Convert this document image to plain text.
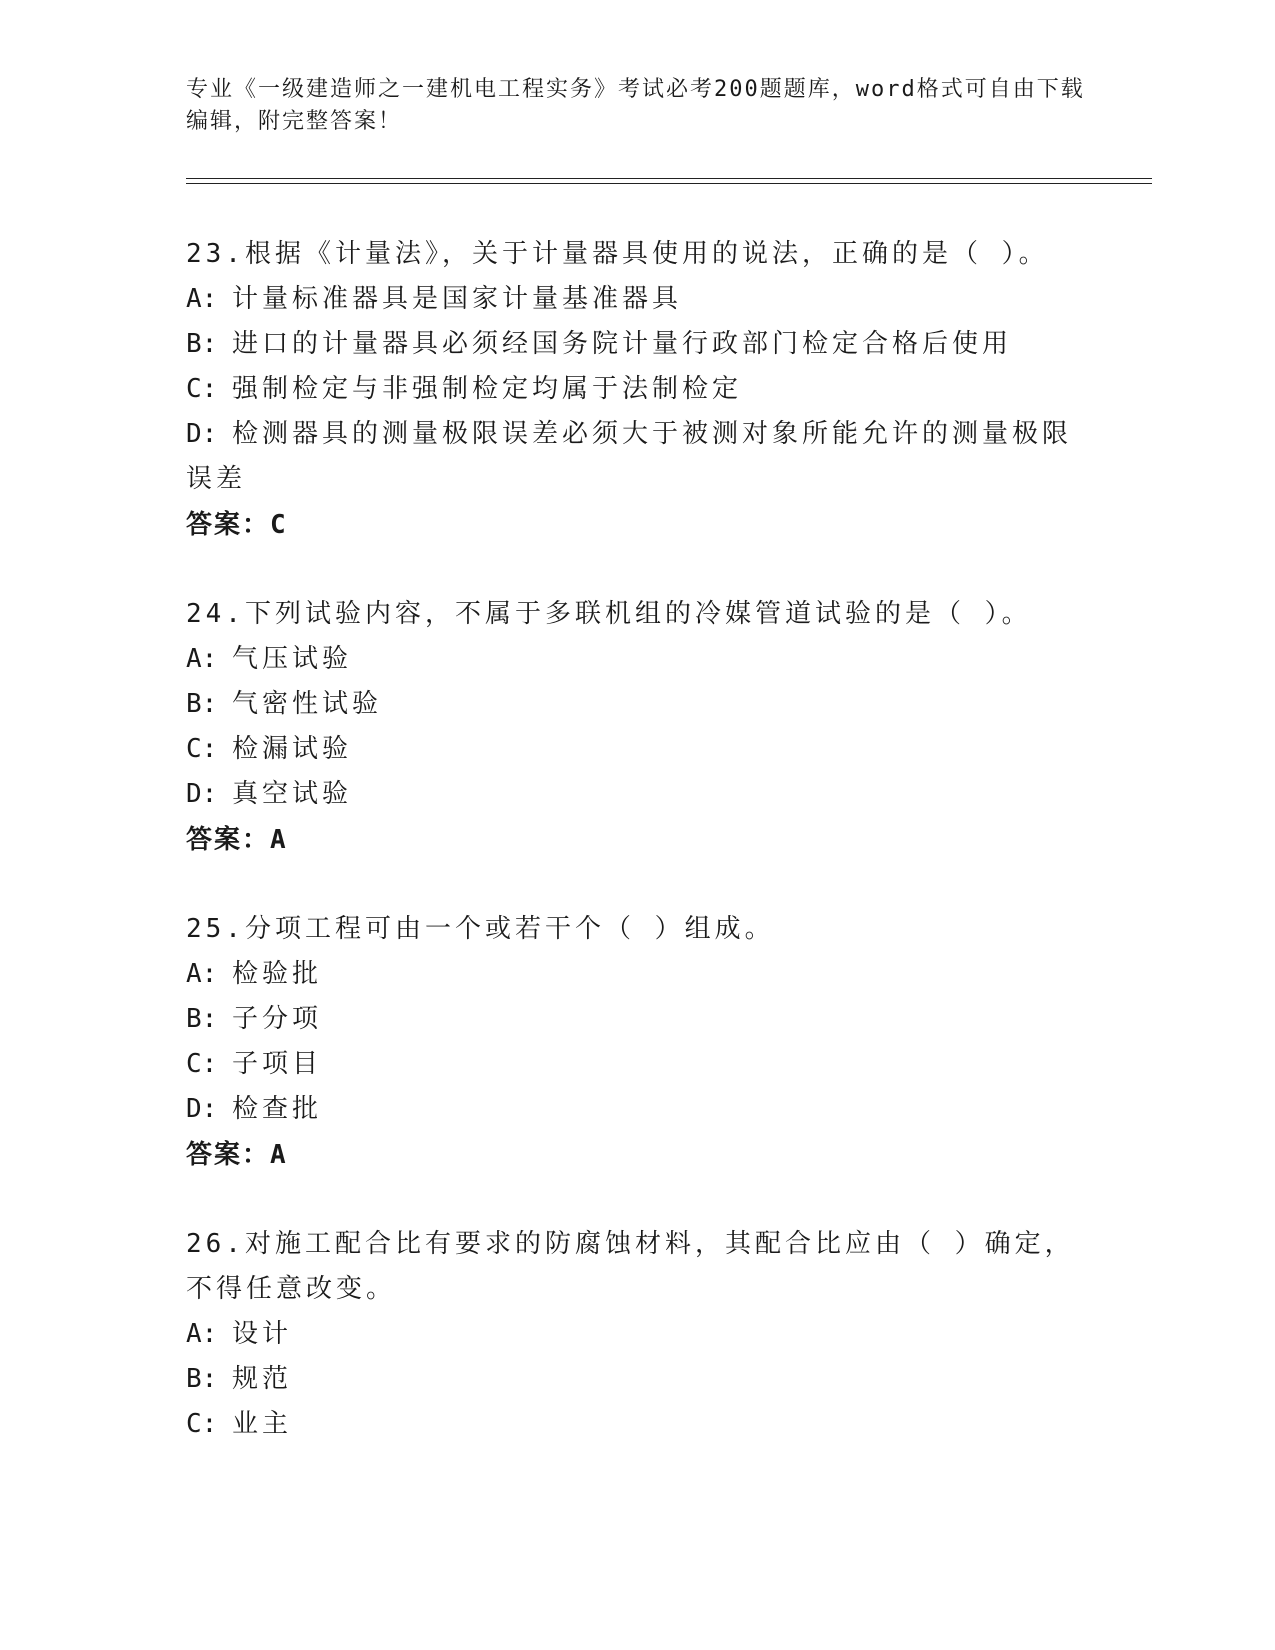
专业《一级建造师之一建机电工程实务》考试必考200题题库，word格式可自由下载编辑，附完整答案！
23.根据《计量法》，关于计量器具使用的说法，正确的是（ ）。
A: 计量标准器具是国家计量基准器具
B: 进口的计量器具必须经国务院计量行政部门检定合格后使用
C: 强制检定与非强制检定均属于法制检定
D: 检测器具的测量极限误差必须大于被测对象所能允许的测量极限误差
答案：C
24.下列试验内容，不属于多联机组的冷媒管道试验的是（ ）。
A: 气压试验
B: 气密性试验
C: 检漏试验
D: 真空试验
答案：A
25.分项工程可由一个或若干个（ ）组成。
A: 检验批
B: 子分项
C: 子项目
D: 检查批
答案：A
26.对施工配合比有要求的防腐蚀材料，其配合比应由（ ）确定，不得任意改变。
A: 设计
B: 规范
C: 业主
